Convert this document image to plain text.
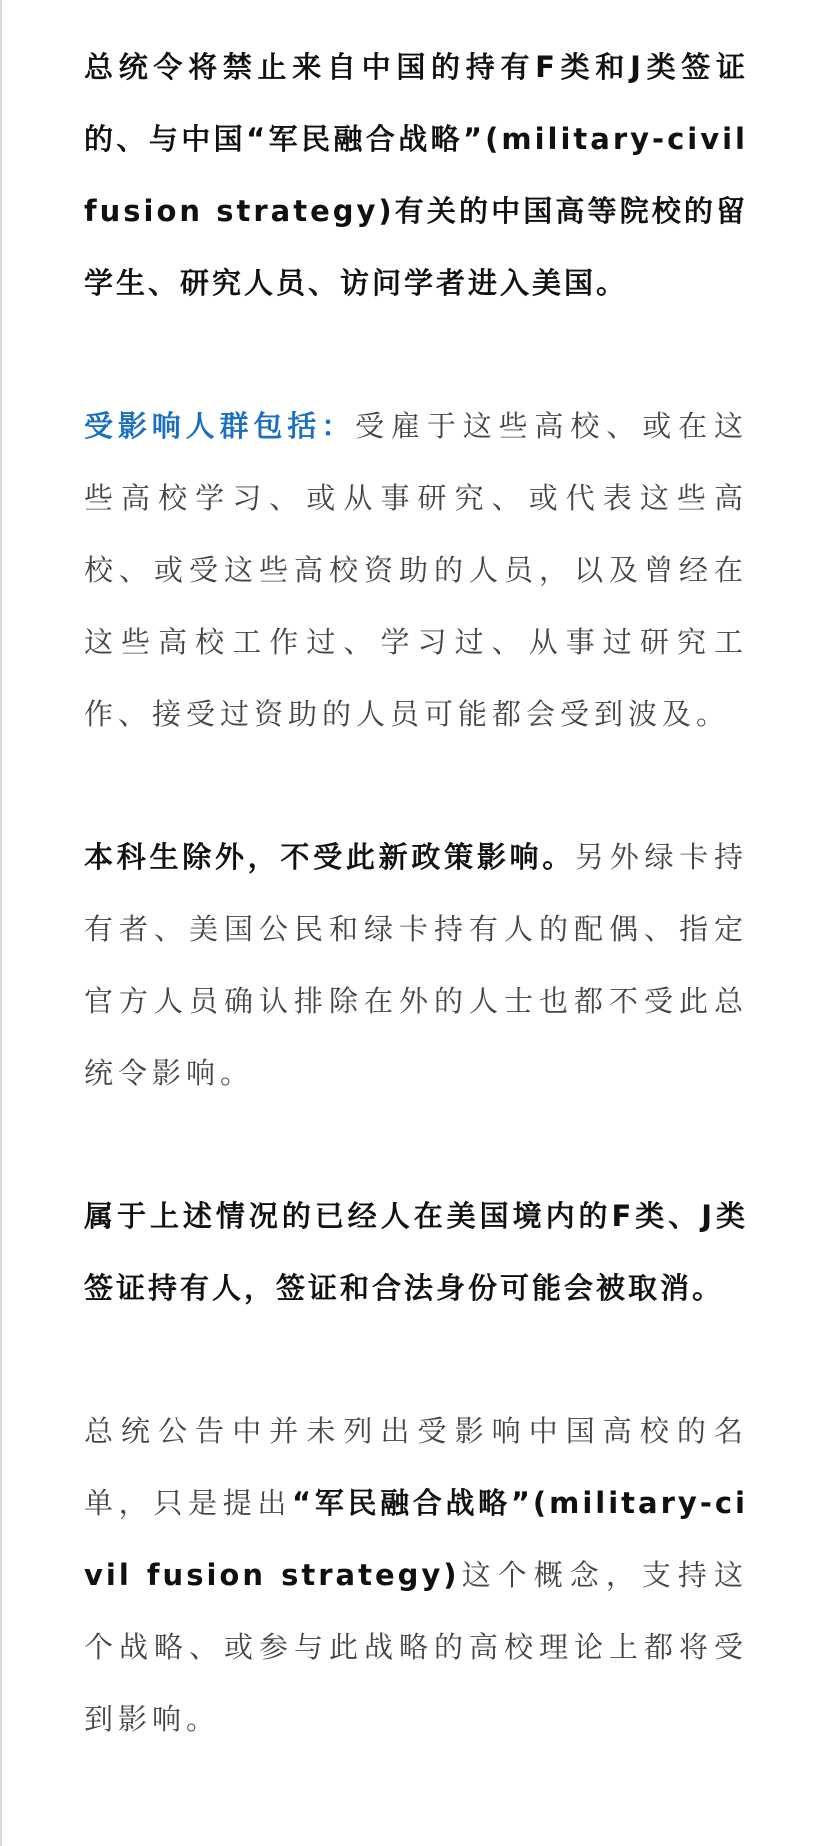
总统令将禁止来自中国的持有F类和J类签证的、与中国“军民融合战略”(military-civil fusion strategy)有关的中国高等院校的留学生、研究人员、访问学者进入美国。

受影响人群包括：受雇于这些高校、或在这些高校学习、或从事研究、或代表这些高校、或受这些高校资助的人员，以及曾经在这些高校工作过、学习过、从事过研究工作、接受过资助的人员可能都会受到波及。

本科生除外，不受此新政策影响。另外绿卡持有者、美国公民和绿卡持有人的配偶、指定官方人员确认排除在外的人士也都不受此总统令影响。

属于上述情况的已经人在美国境内的F类、J类签证持有人，签证和合法身份可能会被取消。

总统公告中并未列出受影响中国高校的名单，只是提出“军民融合战略”(military-civil fusion strategy)这个概念，支持这个战略、或参与此战略的高校理论上都将受到影响。
